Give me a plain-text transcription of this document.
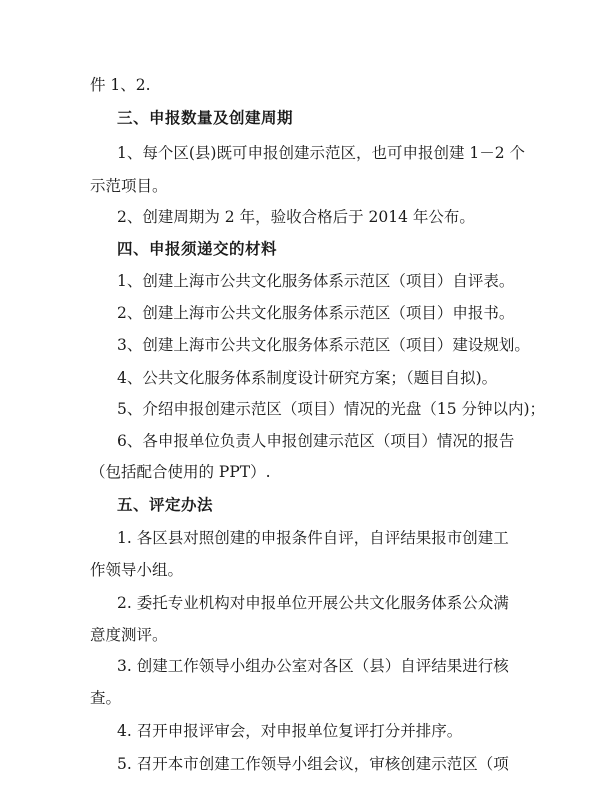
件 1、2.
三、申报数量及创建周期
1、每个区(县)既可申报创建示范区，也可申报创建 1－2 个
示范项目。
2、创建周期为 2 年，验收合格后于 2014 年公布。
四、申报须递交的材料
1、创建上海市公共文化服务体系示范区（项目）自评表。
2、创建上海市公共文化服务体系示范区（项目）申报书。
3、创建上海市公共文化服务体系示范区（项目）建设规划。
4、公共文化服务体系制度设计研究方案；（题目自拟)。
5、介绍申报创建示范区（项目）情况的光盘（15 分钟以内)；
6、各申报单位负责人申报创建示范区（项目）情况的报告
（包括配合使用的 PPT）.
五、评定办法
1. 各区县对照创建的申报条件自评，自评结果报市创建工
作领导小组。
2. 委托专业机构对申报单位开展公共文化服务体系公众满
意度测评。
3. 创建工作领导小组办公室对各区（县）自评结果进行核
查。
4. 召开申报评审会，对申报单位复评打分并排序。
5. 召开本市创建工作领导小组会议，审核创建示范区（项
